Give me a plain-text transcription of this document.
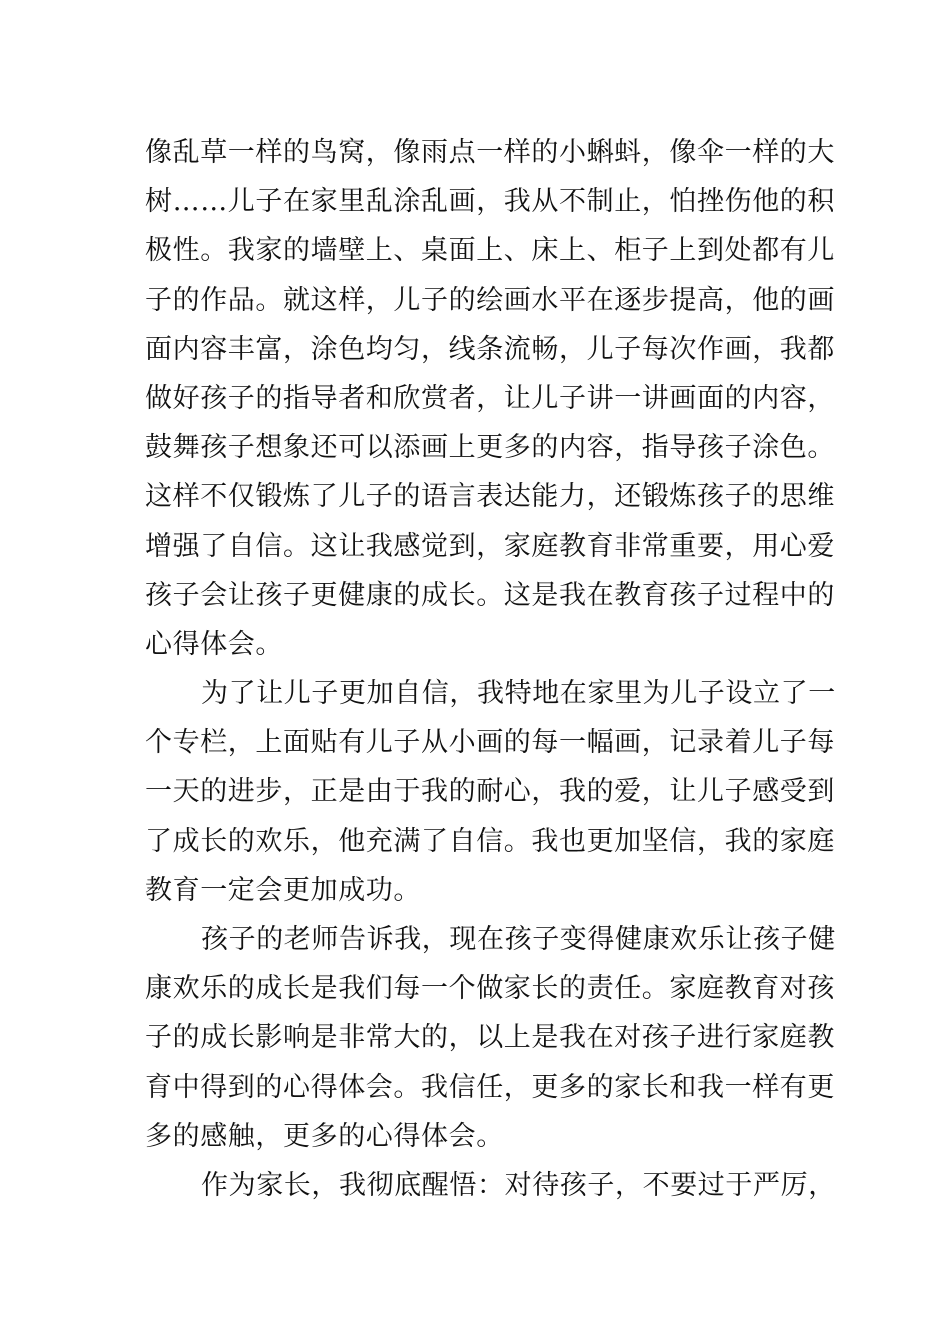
像乱草一样的鸟窝，像雨点一样的小蝌蚪，像伞一样的大
树……儿子在家里乱涂乱画，我从不制止，怕挫伤他的积
极性。我家的墙壁上、桌面上、床上、柜子上到处都有儿
子的作品。就这样，儿子的绘画水平在逐步提高，他的画
面内容丰富，涂色均匀，线条流畅，儿子每次作画，我都
做好孩子的指导者和欣赏者，让儿子讲一讲画面的内容，
鼓舞孩子想象还可以添画上更多的内容，指导孩子涂色。
这样不仅锻炼了儿子的语言表达能力，还锻炼孩子的思维
增强了自信。这让我感觉到，家庭教育非常重要，用心爱
孩子会让孩子更健康的成长。这是我在教育孩子过程中的
心得体会。
为了让儿子更加自信，我特地在家里为儿子设立了一
个专栏，上面贴有儿子从小画的每一幅画，记录着儿子每
一天的进步，正是由于我的耐心，我的爱，让儿子感受到
了成长的欢乐，他充满了自信。我也更加坚信，我的家庭
教育一定会更加成功。
孩子的老师告诉我，现在孩子变得健康欢乐让孩子健
康欢乐的成长是我们每一个做家长的责任。家庭教育对孩
子的成长影响是非常大的，以上是我在对孩子进行家庭教
育中得到的心得体会。我信任，更多的家长和我一样有更
多的感触，更多的心得体会。
作为家长，我彻底醒悟：对待孩子，不要过于严厉，
